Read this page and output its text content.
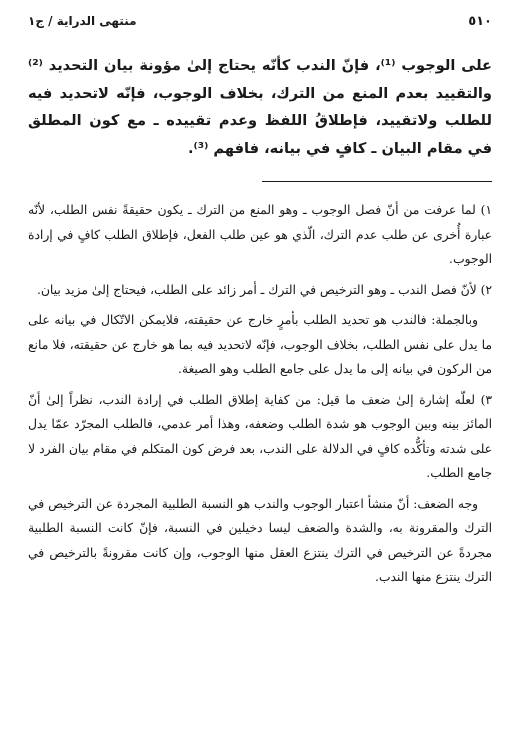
٥١٠
منتهى الدراية / ج١

على الوجوب ⁽¹⁾، فإنّ الندب كأنّه يحتاج إلىٰ مؤونة بيان التحديد ⁽²⁾ والتقييد بعدم المنع من الترك، بخلاف الوجوب، فإنّه لاتحديد فيه للطلب ولاتقييد، فإطلاقُ اللفظ وعدم تقييده ـ مع كون المطلق في مقام البيان ـ كافٍ في بيانه، فافهم ⁽³⁾.

١) لما عرفت من أنّ فصل الوجوب ـ وهو المنع من الترك ـ يكون حقيقةً نفس الطلب، لأنّه عبارة أُخرى عن طلب عدم الترك، الّذي هو عين طلب الفعل، فإطلاق الطلب كافٍ في إرادة الوجوب.

٢) لأنّ فصل الندب ـ وهو الترخيص في الترك ـ أمر زائد على الطلب، فيحتاج إلىٰ مزيد بيان.

وبالجملة: فالندب هو تحديد الطلب بأمرٍ خارج عن حقيقته، فلايمكن الاتّكال في بيانه على ما يدل على نفس الطلب، بخلاف الوجوب، فإنّه لاتحديد فيه بما هو خارج عن حقيقته، فلا مانع من الركون في بيانه إلى ما يدل على جامع الطلب وهو الصيغة.

٣) لعلّه إشارة إلىٰ ضعف ما قيل: من كفاية إطلاق الطلب في إرادة الندب، نظراً إلىٰ أنّ المائز بينه وبين الوجوب هو شدة الطلب وضعفه، وهذا أمر عدمي، فالطلب المجرّد عمّا يدل على شدته وتأكُّده كافٍ في الدلالة على الندب، بعد فرض كون المتكلم في مقام بيان الفرد لا جامع الطلب.

وجه الضعف: أنّ منشأ اعتبار الوجوب والندب هو النسبة الطلبية المجردة عن الترخيص في الترك والمقرونة به، والشدة والضعف ليسا دخيلين في النسبة، فإنّ كانت النسبة الطلبية مجردةً عن الترخيص في الترك ينتزع العقل منها الوجوب، وإن كانت مقرونةً بالترخيص في الترك ينتزع منها الندب.
